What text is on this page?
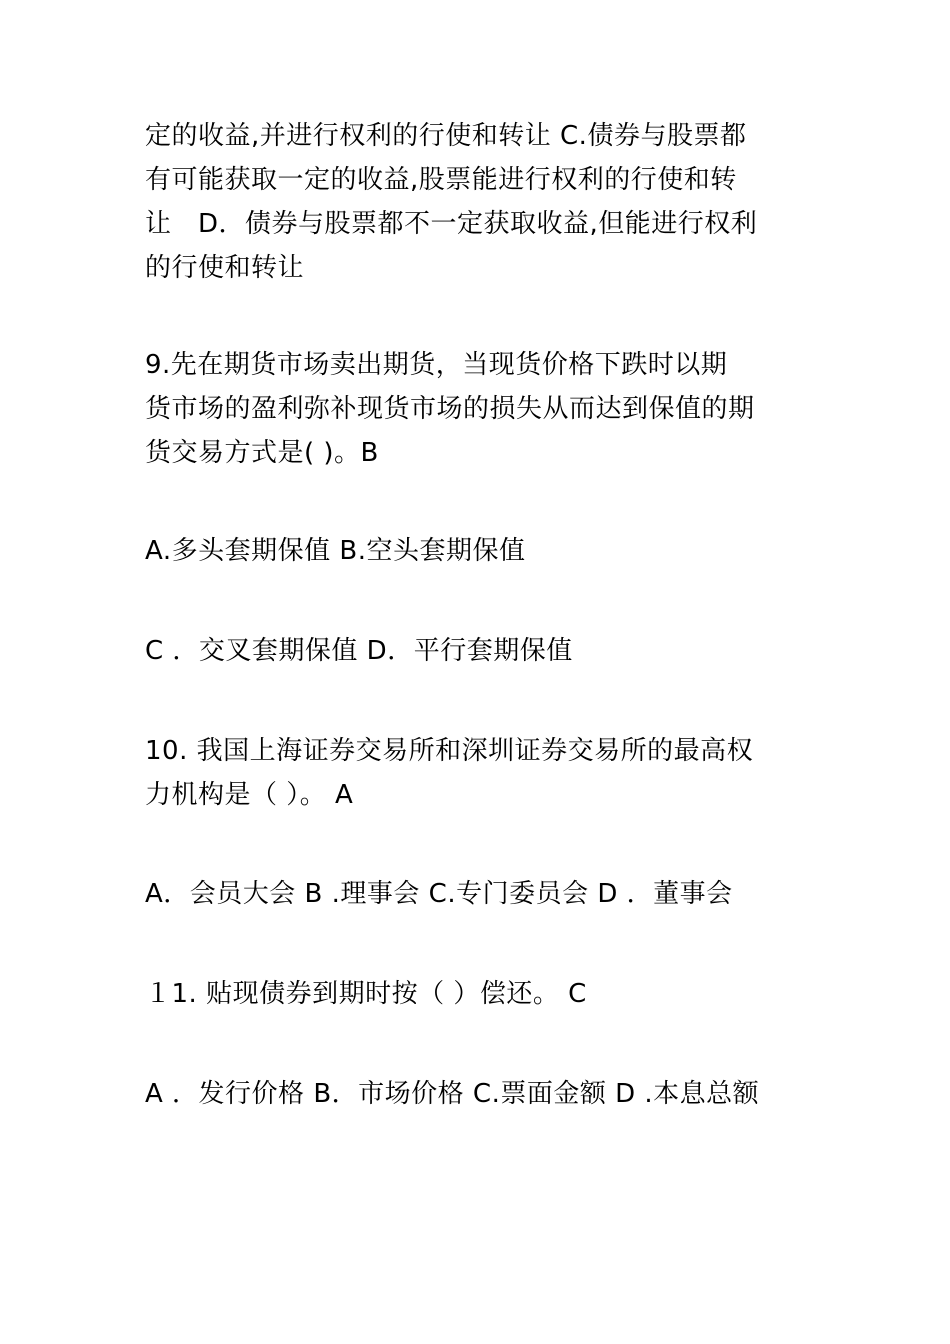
定的收益,并进行权利的行使和转让 C.债券与股票都
有可能获取一定的收益,股票能进行权利的行使和转
让　D．债券与股票都不一定获取收益,但能进行权利
的行使和转让

9.先在期货市场卖出期货，当现货价格下跌时以期
货市场的盈利弥补现货市场的损失从而达到保值的期
货交易方式是( )。B

A.多头套期保值 B.空头套期保值

C ．交叉套期保值 D．平行套期保值

10. 我国上海证券交易所和深圳证券交易所的最高权
力机构是（ ）。 A

A．会员大会 B .理事会 C.专门委员会 D ．董事会

１1. 贴现债券到期时按（ ）偿还。 C

A ．发行价格 B．市场价格 C.票面金额 D .本息总额
